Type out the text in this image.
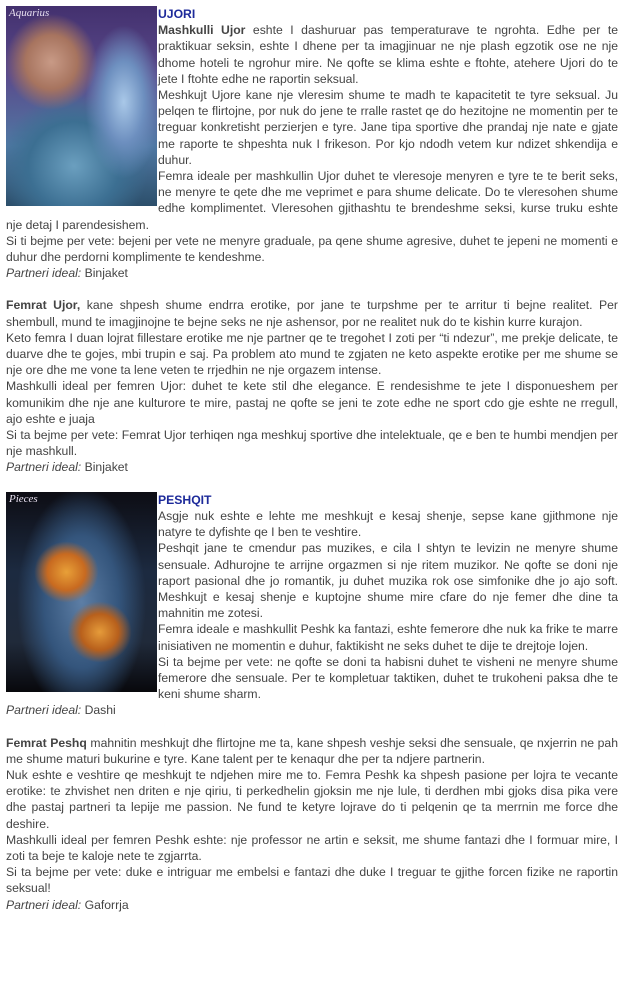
Aquarius	UJORI

Mashkulli Ujor eshte I dashuruar pas temperaturave te ngrohta. Edhe per te praktikuar seksin, eshte I dhene per ta imagjinuar ne nje plash egzotik ose ne nje dhome hoteli te ngrohur mire. Ne qofte se klima eshte e ftohte, atehere Ujori do te jete I ftohte edhe ne raportin seksual.

Meshkujt Ujore kane nje vleresim shume te madh te kapacitetit te tyre seksual. Ju pelqen te flirtojne, por nuk do jene te rralle rastet qe do hezitojne ne momentin per te treguar konkretisht perzierjen e tyre. Jane tipa sportive dhe prandaj nje nate e gjate me raporte te shpeshta nuk I frikeson. Por kjo ndodh vetem kur ndizet shkendija e duhur.

Femra ideale per mashkullin Ujor duhet te vleresoje menyren e tyre te te berit seks, ne menyre te qete dhe me veprimet e para shume delicate. Do te vleresohen shume edhe komplimentet. Vleresohen gjithashtu te brendeshme seksi, kurse truku eshte nje detaj I parendesishem.

Si ti bejme per vete: bejeni per vete ne menyre graduale, pa qene shume agresive, duhet te jepeni ne momenti e duhur dhe perdorni komplimente te kendeshme.

Partneri ideal: Binjaket

Femrat Ujor, kane shpesh shume endrra erotike, por jane te turpshme per te arritur ti bejne realitet. Per shembull, mund te imagjinojne te bejne seks ne nje ashensor, por ne realitet nuk do te kishin kurre kurajon.

Keto femra I duan lojrat fillestare erotike me nje partner qe te tregohet I zoti per “ti ndezur”, me prekje delicate, te duarve dhe te gojes, mbi trupin e saj. Pa problem ato mund te zgjaten ne keto aspekte erotike per me shume se nje ore dhe me vone ta lene veten te rrjedhin ne nje orgazem intense.

Mashkulli ideal per femren Ujor: duhet te kete stil dhe elegance. E rendesishme te jete I disponueshem per komunikim dhe nje ane kulturore te mire, pastaj ne qofte se jeni te zote edhe ne sport cdo gje eshte ne rregull, ajo eshte e juaja

Si ta bejme per vete: Femrat Ujor terhiqen nga meshkuj sportive dhe intelektuale, qe e ben te humbi mendjen per nje mashkull.

Partneri ideal: Binjaket

Pieces	PESHQIT

Asgje nuk eshte e lehte me meshkujt e kesaj shenje, sepse kane gjithmone nje natyre te dyfishte qe I ben te veshtire.

Peshqit jane te cmendur pas muzikes, e cila I shtyn te levizin ne menyre shume sensuale. Adhurojne te arrijne orgazmen si nje ritem muzikor. Ne qofte se doni nje raport pasional dhe jo romantik, ju duhet muzika rok ose simfonike dhe jo ajo soft. Meshkujt e kesaj shenje e kuptojne shume mire cfare do nje femer dhe dine ta mahnitin me zotesi.

Femra ideale e mashkullit Peshk ka fantazi, eshte femerore dhe nuk ka frike te marre inisiativen ne momentin e duhur, faktikisht ne seks duhet te dije te drejtoje lojen.

Si ta bejme per vete: ne qofte se doni ta habisni duhet te visheni ne menyre shume femerore dhe sensuale. Per te kompletuar taktiken, duhet te trukoheni paksa dhe te keni shume sharm.

Partneri ideal: Dashi

Femrat Peshq mahnitin meshkujt dhe flirtojne me ta, kane shpesh veshje seksi dhe sensuale, qe nxjerrin ne pah me shume maturi bukurine e tyre. Kane talent per te kenaqur dhe per ta ndjere partnerin.

Nuk eshte e veshtire qe meshkujt te ndjehen mire me to. Femra Peshk ka shpesh pasione per lojra te vecante erotike: te zhvishet nen driten e nje qiriu, ti perkedhelin gjoksin me nje lule, ti derdhen mbi gjoks disa pika vere dhe pastaj partneri ta lepije me passion. Ne fund te ketyre lojrave do ti pelqenin qe ta merrnin me force dhe deshire.

Mashkulli ideal per femren Peshk eshte: nje professor ne artin e seksit, me shume fantazi dhe I formuar mire, I zoti ta beje te kaloje nete te zgjarrta.

Si ta bejme per vete: duke e intriguar me embelsi e fantazi dhe duke I treguar te gjithe forcen fizike ne raportin seksual!

Partneri ideal: Gaforrja
